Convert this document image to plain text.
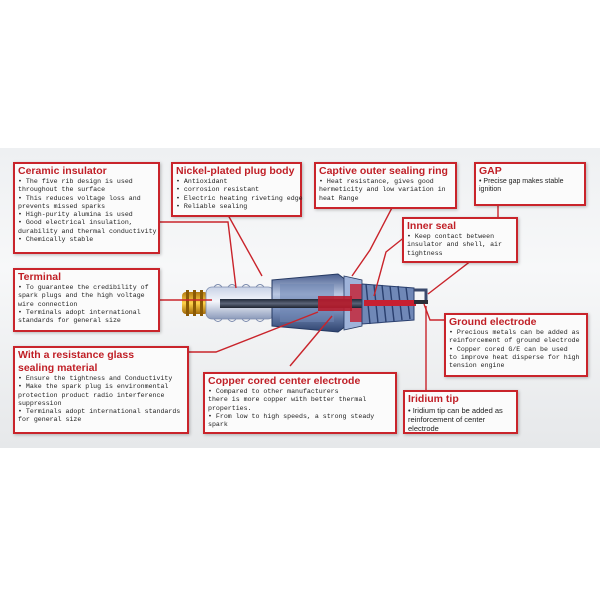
Ceramic insulator
• The five rib design is used
throughout the surface
• This reduces voltage loss and
prevents missed sparks
• High-purity alumina is used
• Good electrical insulation,
durability and thermal conductivity
• Chemically stable
Nickel-plated plug body
• Antioxidant
• corrosion resistant
• Electric heating riveting edge
• Reliable sealing
Captive outer sealing ring
• Heat resistance, gives good
hermeticity and low variation in
heat Range
GAP
• Precise gap makes stable
ignition
Inner seal
• Keep contact between
insulator and shell, air
tightness
Terminal
• To guarantee the credibility of
spark plugs and the high voltage
wire connection
• Terminals adopt international
standards for general size	Ground electrode
• Precious metals can be added as
reinforcement of ground electrode
• Copper cored G/E can be used
to improve heat disperse for high
tension engine
With a resistance glass
sealing material
• Ensure the tightness and Conductivity
• Make the spark plug is environmental
protection product radio interference
suppression
• Terminals adopt international standards
for general size
Copper cored center electrode
• Compared to other manufacturers
there is more copper with better thermal
properties.
• From low to high speeds, a strong steady
spark
Iridium tip
• Iridium tip can be added as
reinforcement of center
electrode
